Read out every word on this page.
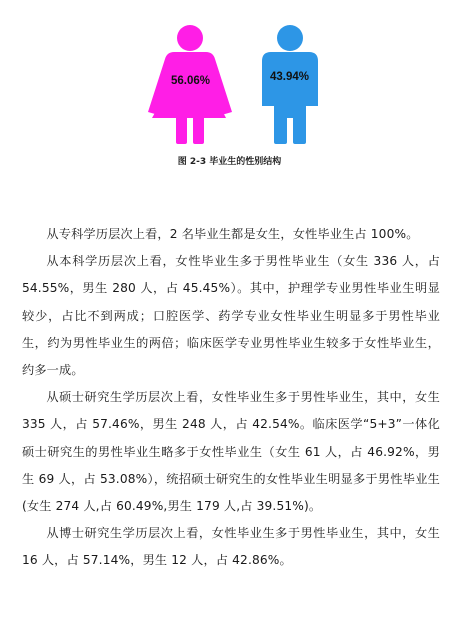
56.06%	43.94%
图 2-3 毕业生的性别结构

从专科学历层次上看，2 名毕业生都是女生，女性毕业生占 100%。

从本科学历层次上看，女性毕业生多于男性毕业生（女生 336 人，占 54.55%，男生 280 人，占 45.45%）。其中，护理学专业男性毕业生明显较少，占比不到两成；口腔医学、药学专业女性毕业生明显多于男性毕业生，约为男性毕业生的两倍；临床医学专业男性毕业生较多于女性毕业生，约多一成。

从硕士研究生学历层次上看，女性毕业生多于男性毕业生，其中，女生 335 人，占 57.46%，男生 248 人，占 42.54%。临床医学“5+3”一体化硕士研究生的男性毕业生略多于女性毕业生（女生 61 人，占 46.92%，男生 69 人，占 53.08%），统招硕士研究生的女性毕业生明显多于男性毕业生(女生 274 人,占 60.49%,男生 179 人,占 39.51%)。

从博士研究生学历层次上看，女性毕业生多于男性毕业生，其中，女生 16 人，占 57.14%，男生 12 人，占 42.86%。
